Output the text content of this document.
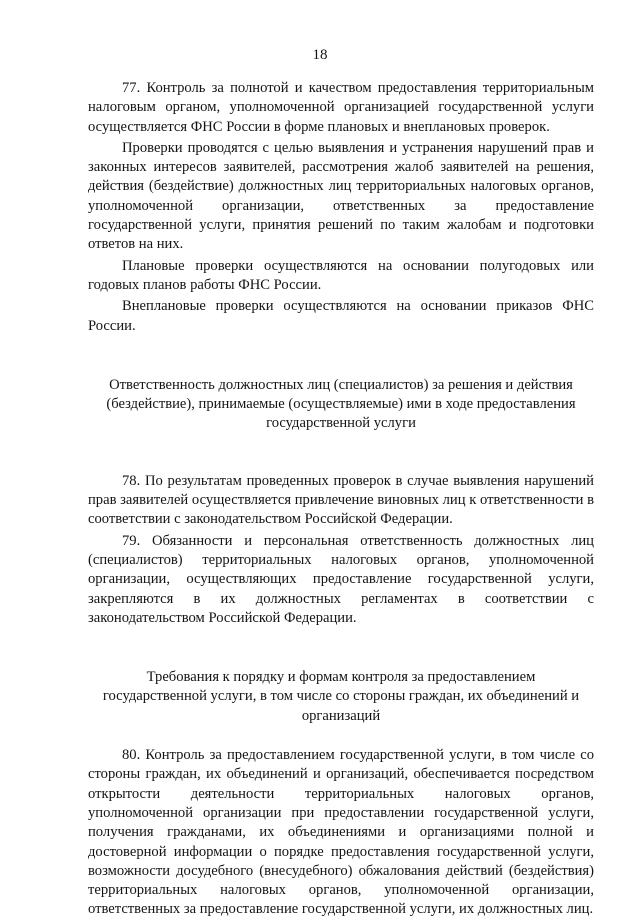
18

77. Контроль за полнотой и качеством предоставления территориальным налоговым органом, уполномоченной организацией государственной услуги осуществляется ФНС России в форме плановых и внеплановых проверок.

Проверки проводятся с целью выявления и устранения нарушений прав и законных интересов заявителей, рассмотрения жалоб заявителей на решения, действия (бездействие) должностных лиц территориальных налоговых органов, уполномоченной организации, ответственных за предоставление государственной услуги, принятия решений по таким жалобам и подготовки ответов на них.

Плановые проверки осуществляются на основании полугодовых или годовых планов работы ФНС России.

Внеплановые проверки осуществляются на основании приказов ФНС России.

Ответственность должностных лиц (специалистов) за решения и действия (бездействие), принимаемые (осуществляемые) ими в ходе предоставления государственной услуги

78. По результатам проведенных проверок в случае выявления нарушений прав заявителей осуществляется привлечение виновных лиц к ответственности в соответствии с законодательством Российской Федерации.

79. Обязанности и персональная ответственность должностных лиц (специалистов) территориальных налоговых органов, уполномоченной организации, осуществляющих предоставление государственной услуги, закрепляются в их должностных регламентах в соответствии с законодательством Российской Федерации.

Требования к порядку и формам контроля за предоставлением государственной услуги, в том числе со стороны граждан, их объединений и организаций

80. Контроль за предоставлением государственной услуги, в том числе со стороны граждан, их объединений и организаций, обеспечивается посредством открытости деятельности территориальных налоговых органов, уполномоченной организации при предоставлении государственной услуги, получения гражданами, их объединениями и организациями полной и достоверной информации о порядке предоставления государственной услуги, возможности досудебного (внесудебного) обжалования действий (бездействия) территориальных налоговых органов, уполномоченной организации, ответственных за предоставление государственной услуги, их должностных лиц.
